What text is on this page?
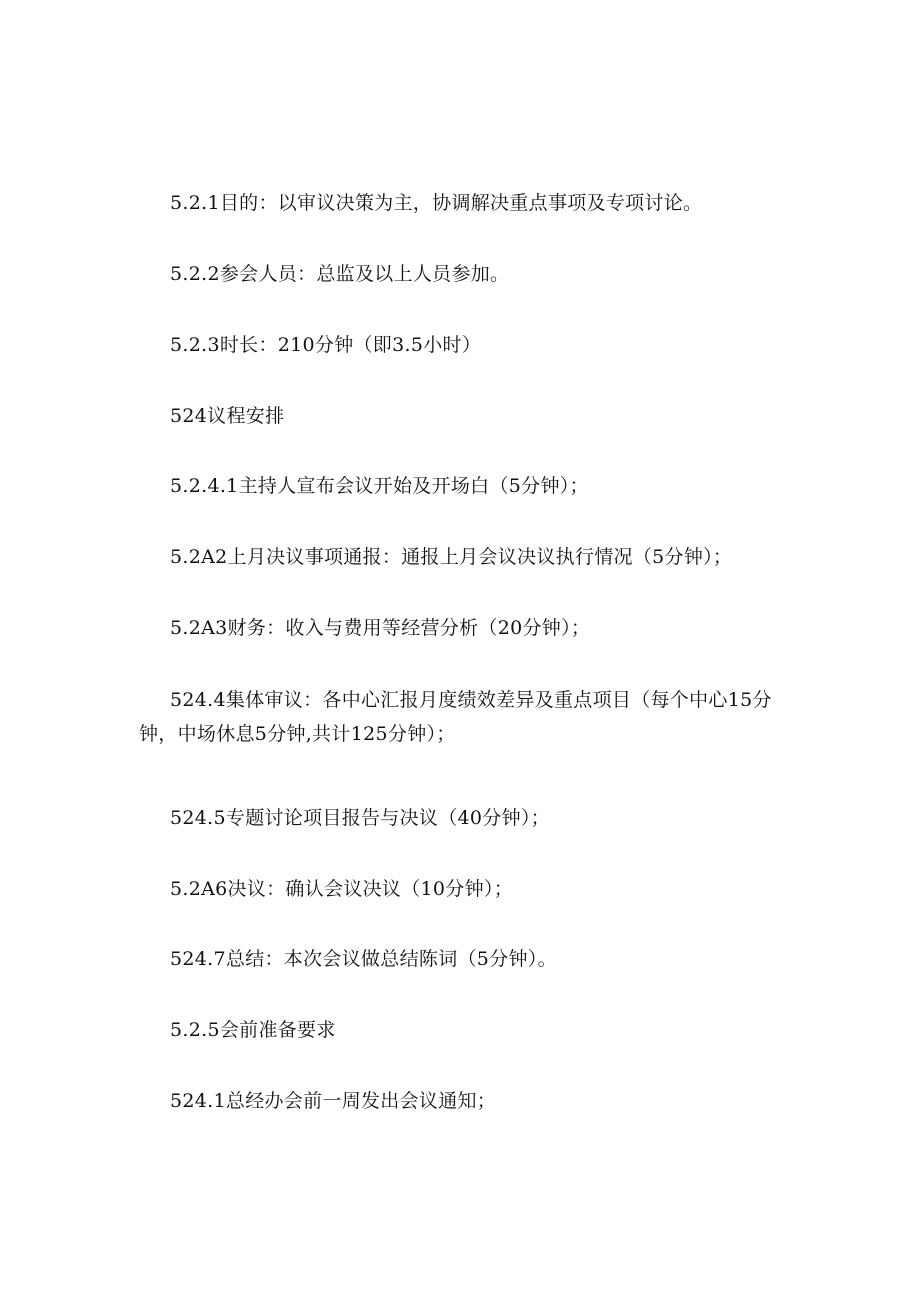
5.2.1目的：以审议决策为主，协调解决重点事项及专项讨论。

5.2.2参会人员：总监及以上人员参加。

5.2.3时长：210分钟（即3.5小时）

524议程安排

5.2.4.1主持人宣布会议开始及开场白（5分钟）；

5.2A2上月决议事项通报：通报上月会议决议执行情况（5分钟）；

5.2A3财务：收入与费用等经营分析（20分钟）；

524.4集体审议：各中心汇报月度绩效差异及重点项目（每个中心15分钟，中场休息5分钟,共计125分钟）；

524.5专题讨论项目报告与决议（40分钟）；

5.2A6决议：确认会议决议（10分钟）；

524.7总结：本次会议做总结陈词（5分钟）。

5.2.5会前准备要求

524.1总经办会前一周发出会议通知；
